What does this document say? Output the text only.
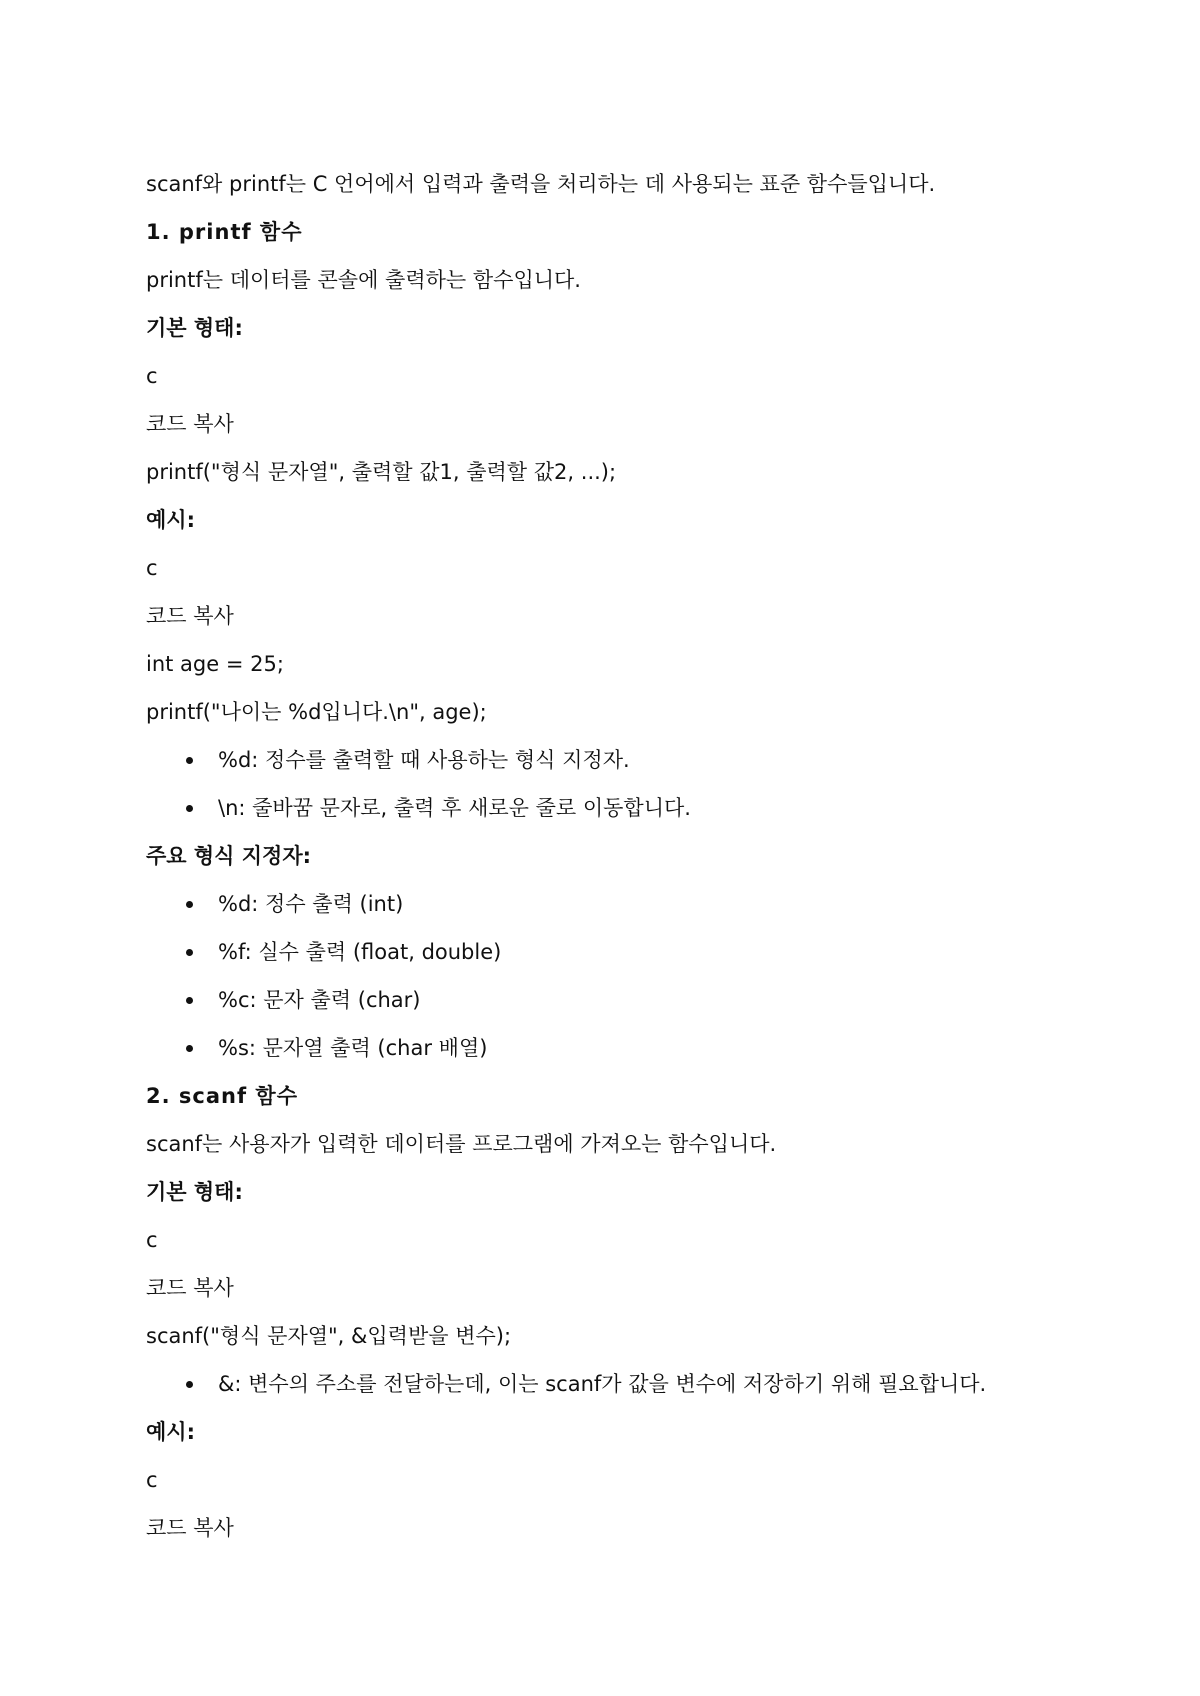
scanf와 printf는 C 언어에서 입력과 출력을 처리하는 데 사용되는 표준 함수들입니다.
1. printf 함수
printf는 데이터를 콘솔에 출력하는 함수입니다.
기본 형태:
c
코드 복사
printf("형식 문자열", 출력할 값1, 출력할 값2, ...);
예시:
c
코드 복사
int age = 25;
printf("나이는 %d입니다.\n", age);
%d: 정수를 출력할 때 사용하는 형식 지정자.
\n: 줄바꿈 문자로, 출력 후 새로운 줄로 이동합니다.
주요 형식 지정자:
%d: 정수 출력 (int)
%f: 실수 출력 (float, double)
%c: 문자 출력 (char)
%s: 문자열 출력 (char 배열)
2. scanf 함수
scanf는 사용자가 입력한 데이터를 프로그램에 가져오는 함수입니다.
기본 형태:
c
코드 복사
scanf("형식 문자열", &입력받을 변수);
&: 변수의 주소를 전달하는데, 이는 scanf가 값을 변수에 저장하기 위해 필요합니다.
예시:
c
코드 복사
